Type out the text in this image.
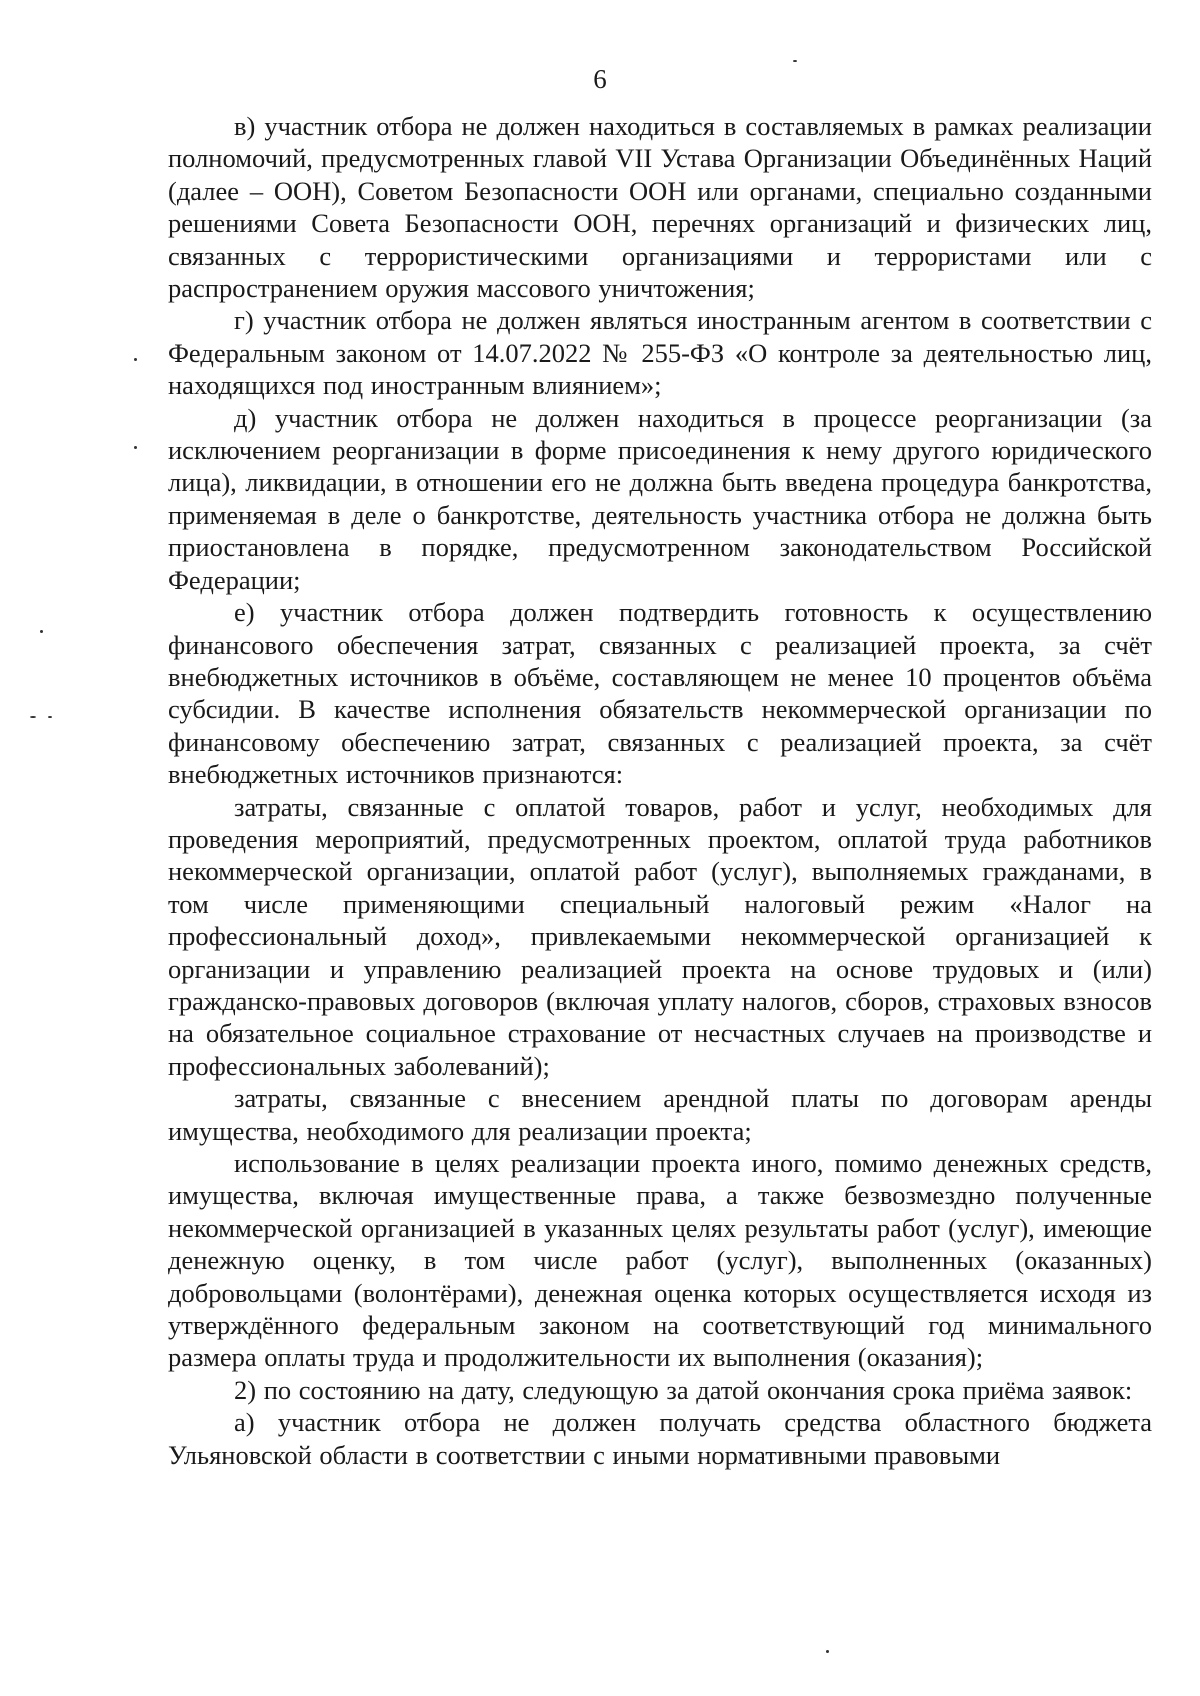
6

в) участник отбора не должен находиться в составляемых в рамках реализации полномочий, предусмотренных главой VII Устава Организации Объединённых Наций (далее – ООН), Советом Безопасности ООН или органами, специально созданными решениями Совета Безопасности ООН, перечнях организаций и физических лиц, связанных с террористическими организациями и террористами или с распространением оружия массового уничтожения;

г) участник отбора не должен являться иностранным агентом в соответствии с Федеральным законом от 14.07.2022 № 255-ФЗ «О контроле за деятельностью лиц, находящихся под иностранным влиянием»;

д) участник отбора не должен находиться в процессе реорганизации (за исключением реорганизации в форме присоединения к нему другого юридического лица), ликвидации, в отношении его не должна быть введена процедура банкротства, применяемая в деле о банкротстве, деятельность участника отбора не должна быть приостановлена в порядке, предусмотренном законодательством Российской Федерации;

е) участник отбора должен подтвердить готовность к осуществлению финансового обеспечения затрат, связанных с реализацией проекта, за счёт внебюджетных источников в объёме, составляющем не менее 10 процентов объёма субсидии. В качестве исполнения обязательств некоммерческой организации по финансовому обеспечению затрат, связанных с реализацией проекта, за счёт внебюджетных источников признаются:

затраты, связанные с оплатой товаров, работ и услуг, необходимых для проведения мероприятий, предусмотренных проектом, оплатой труда работников некоммерческой организации, оплатой работ (услуг), выполняемых гражданами, в том числе применяющими специальный налоговый режим «Налог на профессиональный доход», привлекаемыми некоммерческой организацией к организации и управлению реализацией проекта на основе трудовых и (или) гражданско-правовых договоров (включая уплату налогов, сборов, страховых взносов на обязательное социальное страхование от несчастных случаев на производстве и профессиональных заболеваний);

затраты, связанные с внесением арендной платы по договорам аренды имущества, необходимого для реализации проекта;

использование в целях реализации проекта иного, помимо денежных средств, имущества, включая имущественные права, а также безвозмездно полученные некоммерческой организацией в указанных целях результаты работ (услуг), имеющие денежную оценку, в том числе работ (услуг), выполненных (оказанных) добровольцами (волонтёрами), денежная оценка которых осуществляется исходя из утверждённого федеральным законом на соответствующий год минимального размера оплаты труда и продолжительности их выполнения (оказания);

2) по состоянию на дату, следующую за датой окончания срока приёма заявок:

а) участник отбора не должен получать средства областного бюджета Ульяновской области в соответствии с иными нормативными правовыми
